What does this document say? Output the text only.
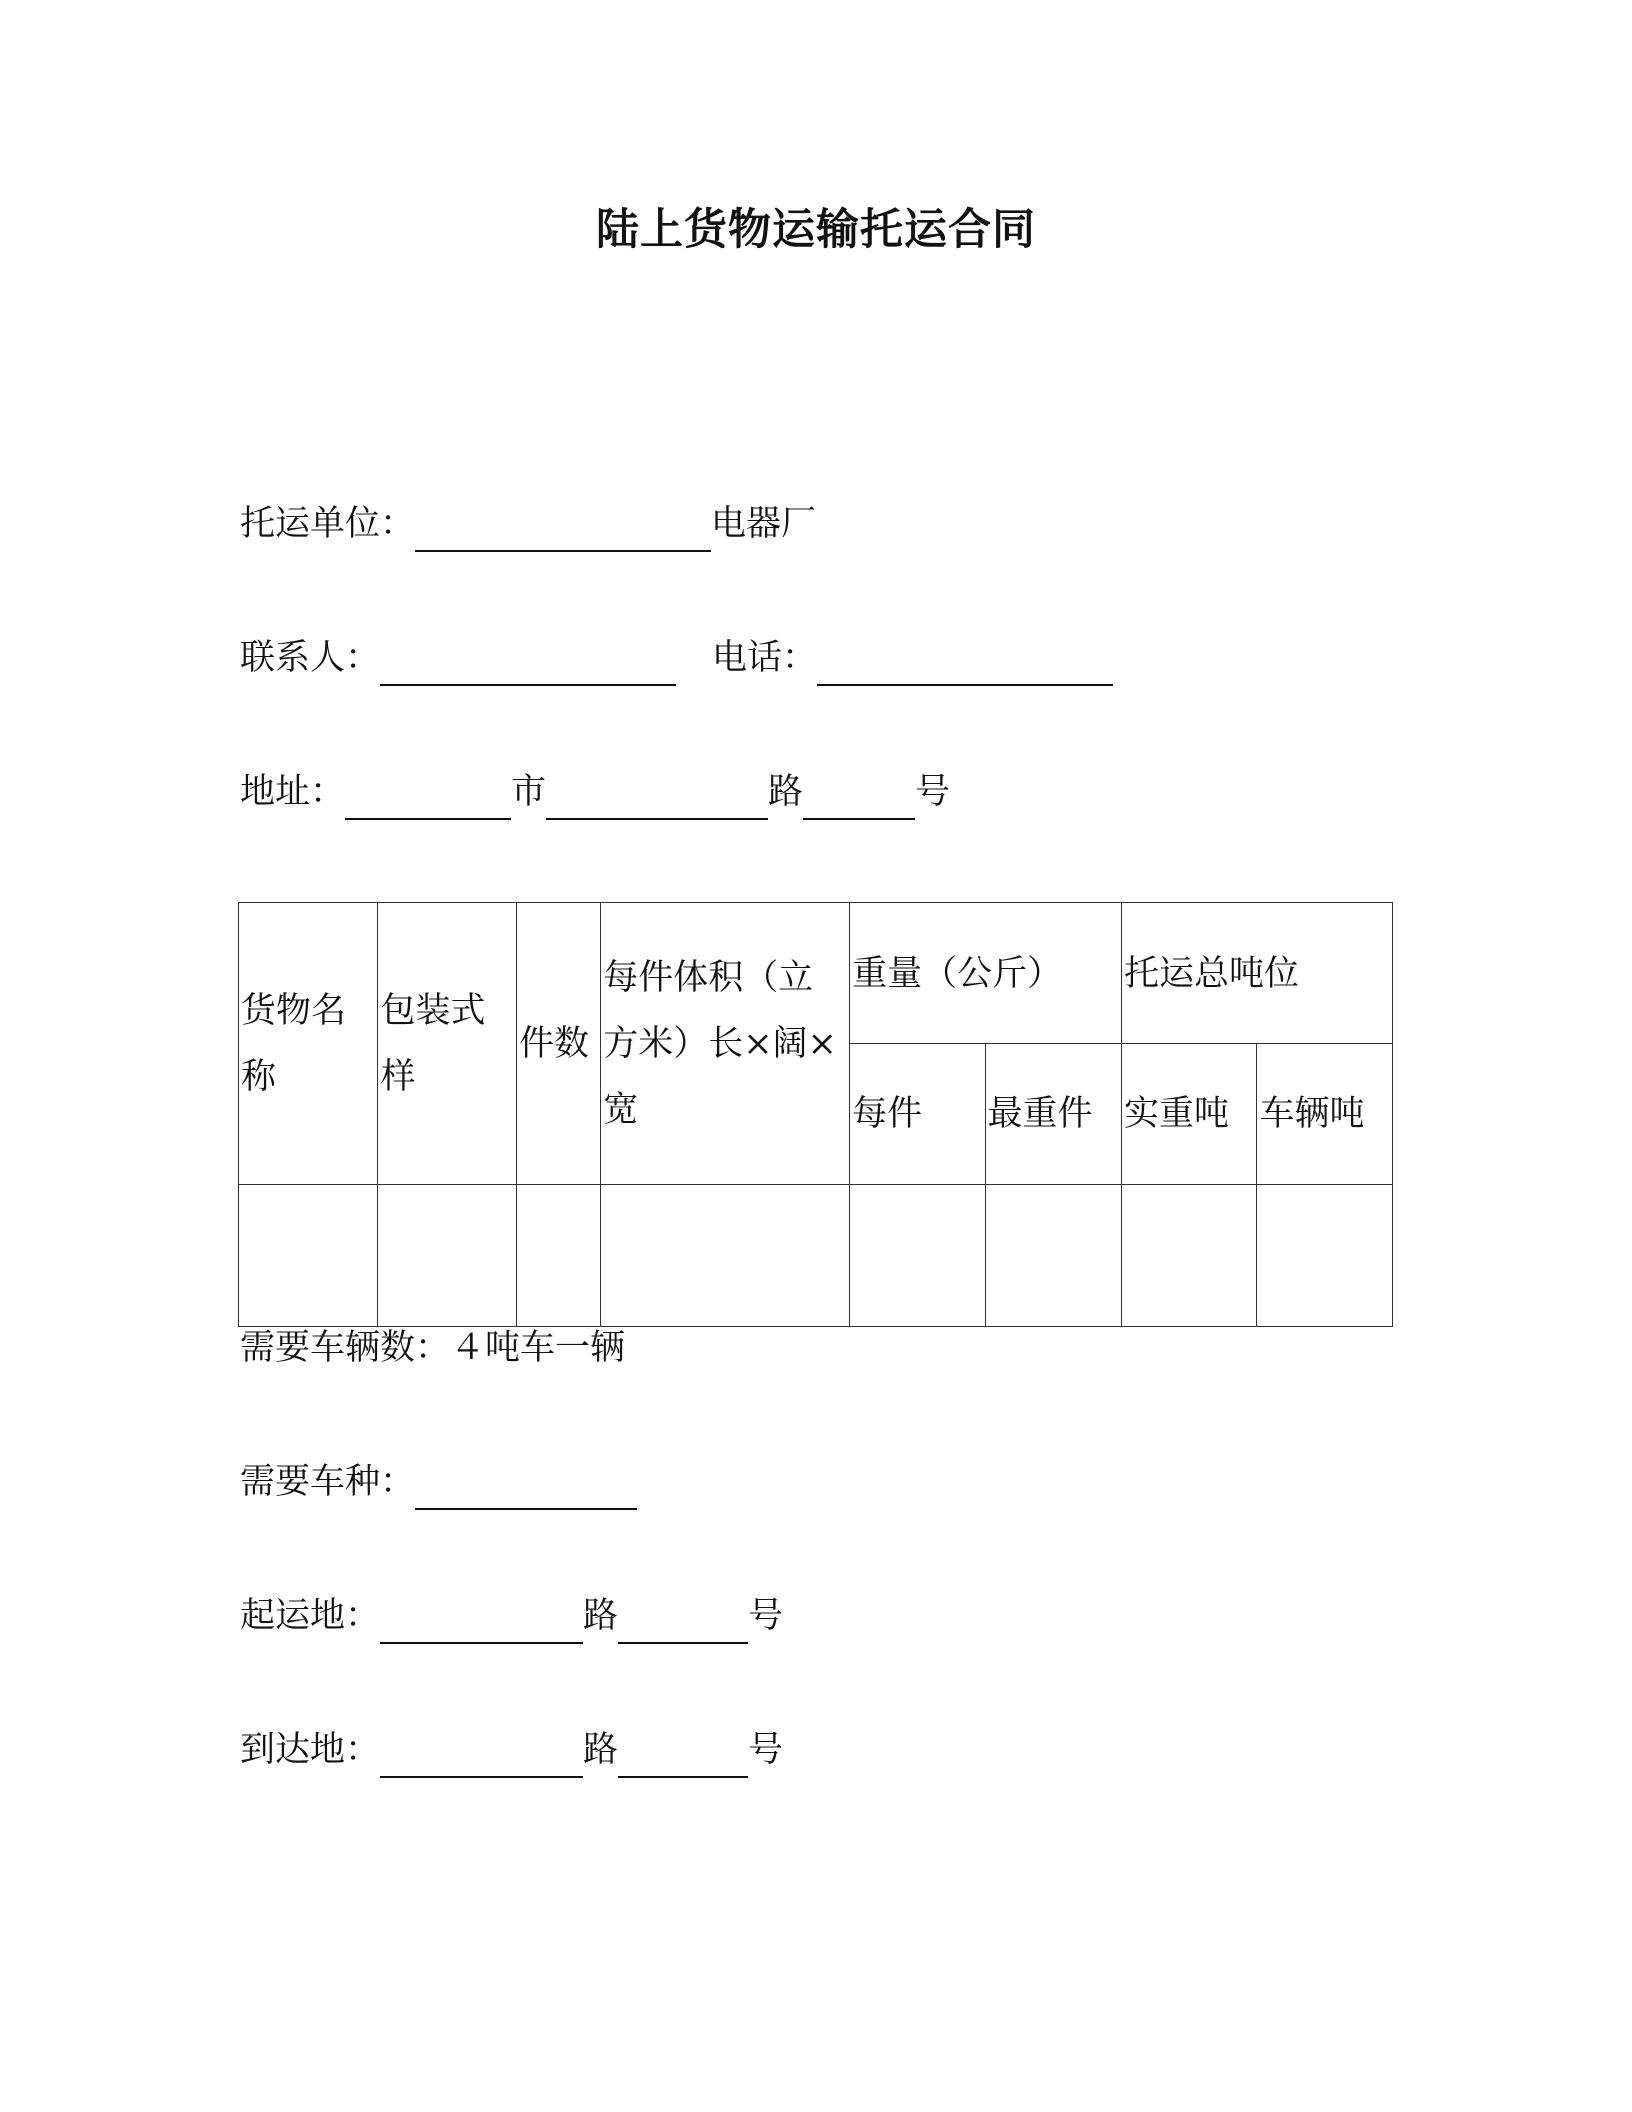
陆上货物运输托运合同
托运单位：	电器厂
联系人：	电话：
地址：	市	路	号
货物名称	包装式样	件数	每件体积（立方米）长×阔×宽	重量（公斤）		托运总吨位	
				每件	最重件	实重吨	车辆吨

需要车辆数： ４吨车一辆
需要车种：
起运地：	路	号
到达地：	路	号
